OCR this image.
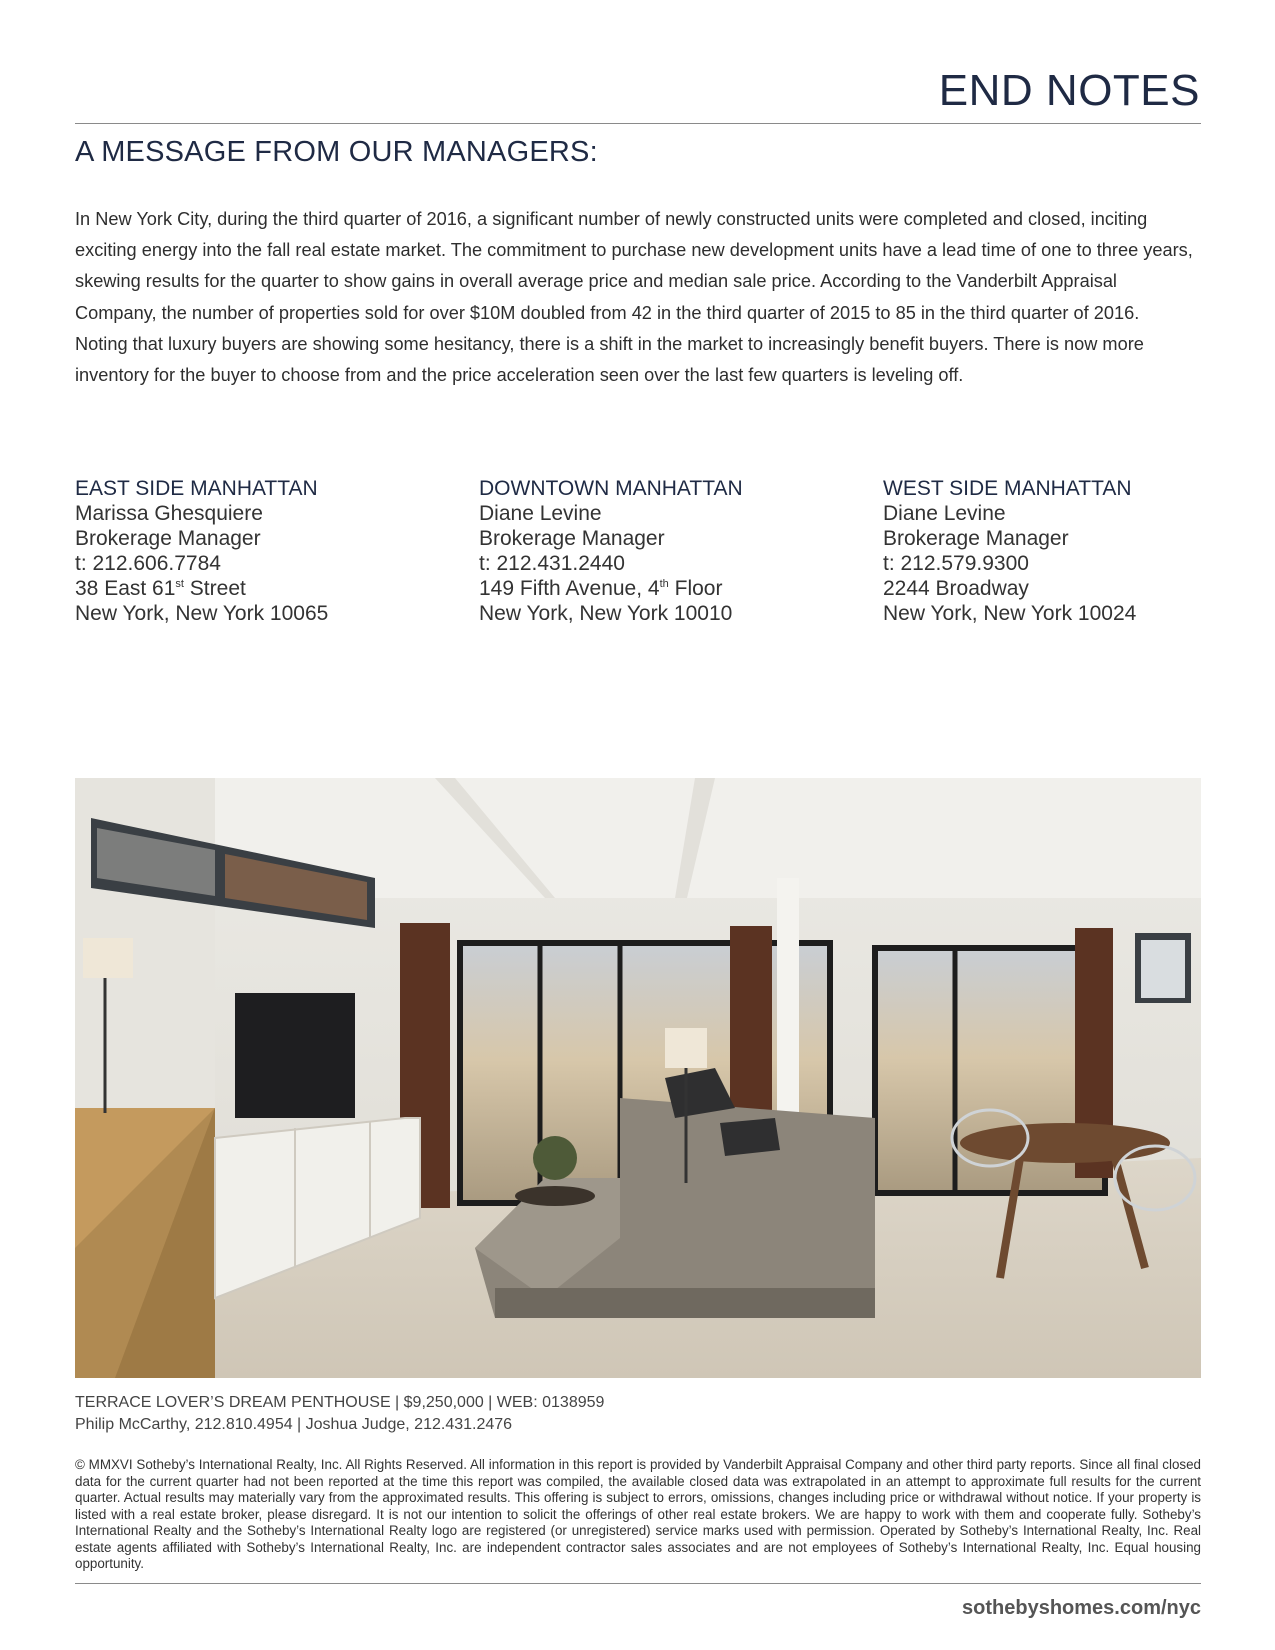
END NOTES
A MESSAGE FROM OUR MANAGERS:
In New York City, during the third quarter of 2016, a significant number of newly constructed units were completed and closed, inciting exciting energy into the fall real estate market. The commitment to purchase new development units have a lead time of one to three years, skewing results for the quarter to show gains in overall average price and median sale price. According to the Vanderbilt Appraisal Company, the number of properties sold for over $10M doubled from 42 in the third quarter of 2015 to 85 in the third quarter of 2016. Noting that luxury buyers are showing some hesitancy, there is a shift in the market to increasingly benefit buyers. There is now more inventory for the buyer to choose from and the price acceleration seen over the last few quarters is leveling off.
EAST SIDE MANHATTAN
Marissa Ghesquiere
Brokerage Manager
t: 212.606.7784
38 East 61st Street
New York, New York 10065
DOWNTOWN MANHATTAN
Diane Levine
Brokerage Manager
t: 212.431.2440
149 Fifth Avenue, 4th Floor
New York, New York 10010
WEST SIDE MANHATTAN
Diane Levine
Brokerage Manager
t: 212.579.9300
2244 Broadway
New York, New York 10024
TERRACE LOVER’S DREAM PENTHOUSE | $9,250,000 | WEB: 0138959
Philip McCarthy, 212.810.4954 | Joshua Judge, 212.431.2476
© MMXVI Sotheby’s International Realty, Inc. All Rights Reserved. All information in this report is provided by Vanderbilt Appraisal Company and other third party reports. Since all final closed data for the current quarter had not been reported at the time this report was compiled, the available closed data was extrapolated in an attempt to approximate full results for the current quarter. Actual results may materially vary from the approximated results. This offering is subject to errors, omissions, changes including price or withdrawal without notice. If your property is listed with a real estate broker, please disregard. It is not our intention to solicit the offerings of other real estate brokers. We are happy to work with them and cooperate fully. Sotheby’s International Realty and the Sotheby’s International Realty logo are registered (or unregistered) service marks used with permission. Operated by Sotheby’s International Realty, Inc. Real estate agents affiliated with Sotheby’s International Realty, Inc. are independent contractor sales associates and are not employees of Sotheby’s International Realty, Inc. Equal housing opportunity.
sothebyshomes.com/nyc
